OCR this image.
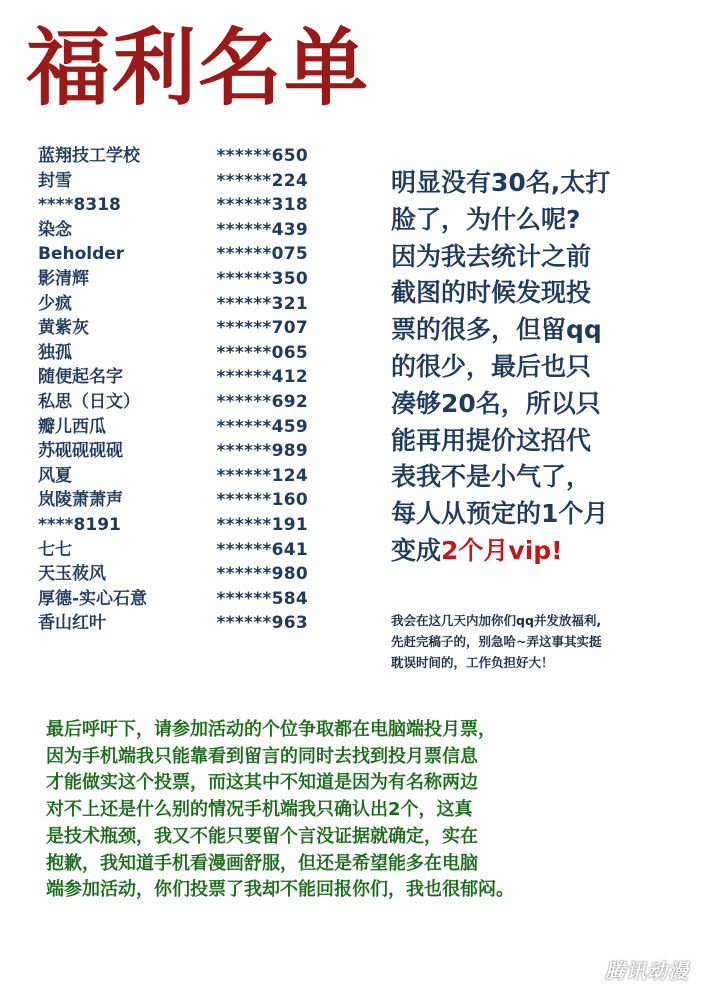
福利名单
蓝翔技工学校	******650
封雪	******224
****8318	******318
染念	******439
Beholder	******075
影清辉	******350
少疯	******321
黄紫灰	******707
独孤	******065
随便起名字	******412
私思（日文）	******692
瓣儿西瓜	******459
苏砚砚砚砚	******989
风夏	******124
岚陵萧萧声	******160
****8191	******191
七七	******641
天玉莜风	******980
厚德-实心石意	******584
香山红叶	******963
明显没有30名,太打
脸了，为什么呢?
因为我去统计之前
截图的时候发现投
票的很多，但留qq
的很少，最后也只
凑够20名，所以只
能再用提价这招代
表我不是小气了，
每人从预定的1个月
变成2个月vip!
我会在这几天内加你们qq并发放福利,
先赶完稿子的，别急哈~弄这事其实挺
耽误时间的，工作负担好大！
最后呼吁下，请参加活动的个位争取都在电脑端投月票，
因为手机端我只能靠看到留言的同时去找到投月票信息
才能做实这个投票，而这其中不知道是因为有名称两边
对不上还是什么别的情况手机端我只确认出2个，这真
是技术瓶颈，我又不能只要留个言没证据就确定，实在
抱歉，我知道手机看漫画舒服，但还是希望能多在电脑
端参加活动，你们投票了我却不能回报你们，我也很郁闷。
腾讯动漫
